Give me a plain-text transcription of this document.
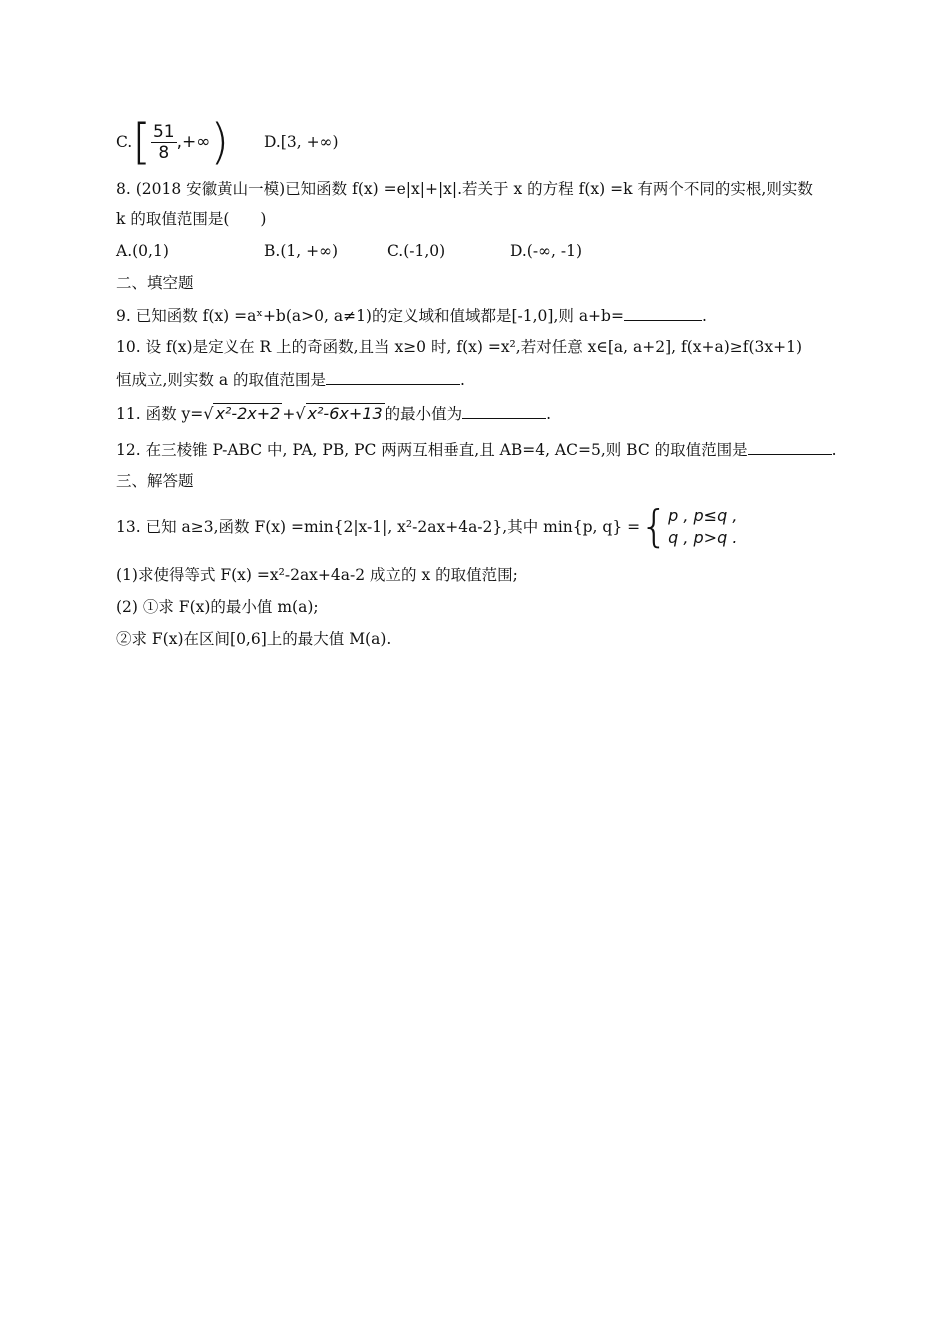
$C.[ \frac{51}{8}$ ,+∞) D.[3, +∞)
8. (2018 安徽黄山一模)已知函数 f(x) =e|x|+|x|.若关于 x 的方程 f(x) =k 有两个不同的实根,则实数
k 的取值范围是(　　)
A.(0,1)	B.(1, +∞)	C.(-1,0)	D.(-∞, -1)
二、填空题
9. 已知函数 f(x) =aˣ+b(a>0, a≠1)的定义域和值域都是[-1,0],则 a+b=	.
10. 设 f(x)是定义在 R 上的奇函数,且当 x≥0 时, f(x) =x²,若对任意 x∈[a, a+2], f(x+a)≥f(3x+1)
恒成立,则实数 a 的取值范围是	.
11. 函数 y=√ x²-2x+2 +√ x²-6x+13 的最小值为	.
12. 在三棱锥 P-ABC 中, PA, PB, PC 两两互相垂直,且 AB=4, AC=5,则 BC 的取值范围是	.
三、解答题
13. 已知 a≥3,函数 F(x) =min{2|x-1|, x²-2ax+4a-2},其中 min{p, q} ={ p , p≤q ,
q , p>q .
(1)求使得等式 F(x) =x²-2ax+4a-2 成立的 x 的取值范围;
(2) ①求 F(x)的最小值 m(a);
②求 F(x)在区间[0,6]上的最大值 M(a).
